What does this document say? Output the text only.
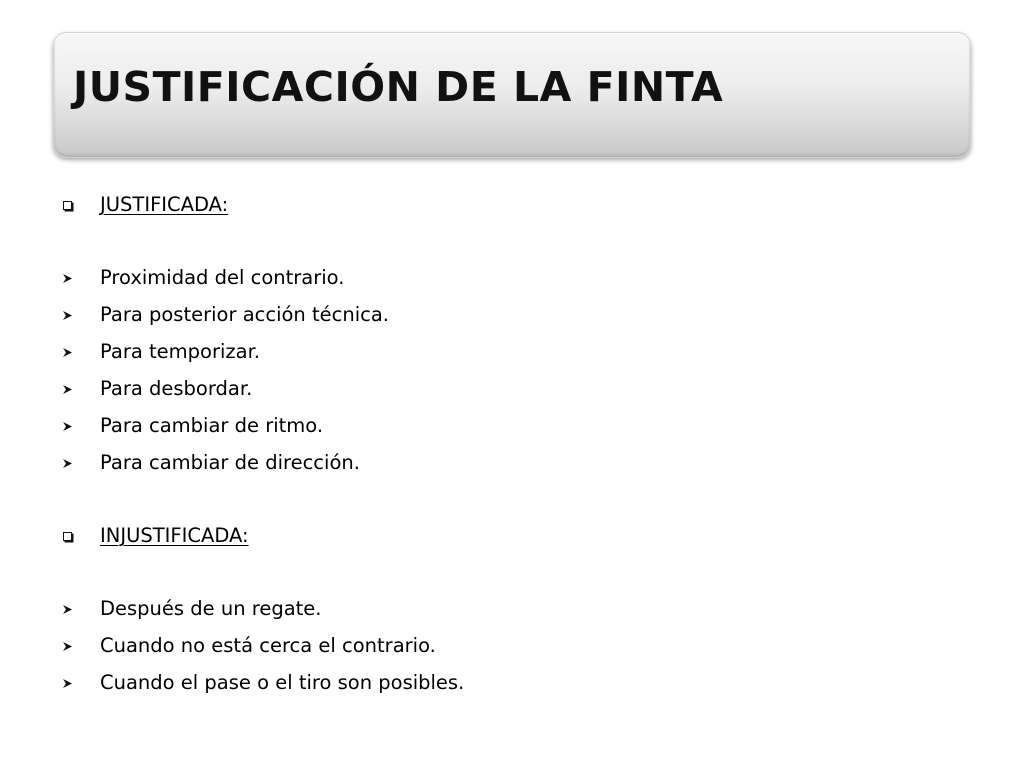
JUSTIFICACIÓN DE LA FINTA
JUSTIFICADA:
Proximidad del contrario.
Para posterior acción técnica.
Para temporizar.
Para desbordar.
Para cambiar de ritmo.
Para cambiar de dirección.
INJUSTIFICADA:
Después de un regate.
Cuando no está cerca el contrario.
Cuando el pase o el tiro son posibles.
